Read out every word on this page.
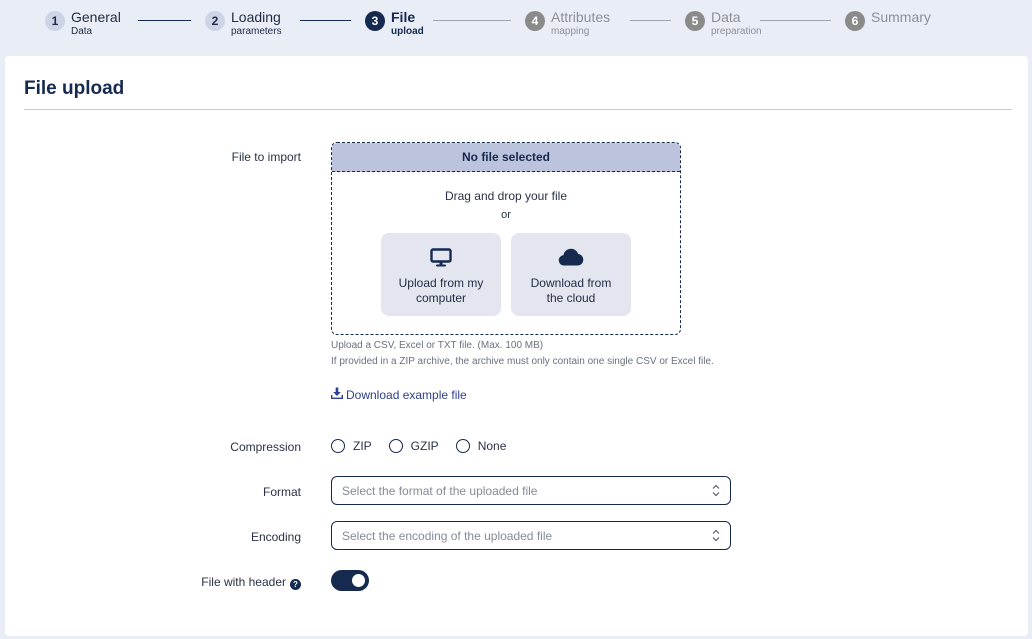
1 General
Data
2 Loading
parameters
3 File
upload
4 Attributes
mapping
5 Data
preparation
6 Summary
File upload
File to import	No file selected
Drag and drop your file
or
Upload from my computer
Download from the cloud
Upload a CSV, Excel or TXT file. (Max. 100 MB)
If provided in a ZIP archive, the archive must only contain one single CSV or Excel file.
Download example file
Compression	ZIP	GZIP	None
Format	Select the format of the uploaded file
Encoding	Select the encoding of the uploaded file
File with header ?
